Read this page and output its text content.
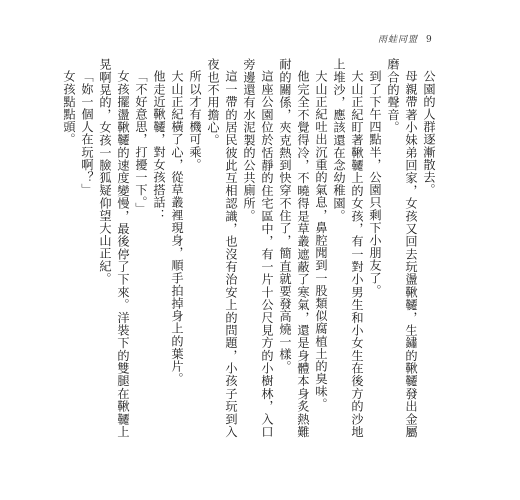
雨蛙同盟 9

公園的人群逐漸散去。

母親帶著小妹弟回家，女孩又回去玩盪鞦韆，生鏽的鞦韆發出金屬磨合的聲音。

到了下午四點半，公園只剩下小朋友了。

大山正紀盯著鞦韆上的女孩，有一對小男生和小女生在後方的沙地上堆沙，應該還在念幼稚園。

大山正紀吐出沉重的氣息，鼻腔聞到一股類似腐植土的臭味。

他完全不覺得冷，不曉得是草叢遮蔽了寒氣，還是身體本身炙熱難耐的關係，夾克熱到快穿不住了，簡直就要發高燒一樣。

這座公園位於恬靜的住宅區中，有一片十公尺見方的小樹林，入口旁邊還有水泥製的公共廁所。

這一帶的居民彼此互相認識，也沒有治安上的問題，小孩子玩到入夜也不用擔心。

所以才有機可乘。

大山正紀橫了心，從草叢裡現身，順手拍掉身上的葉片。

他走近鞦韆，對女孩搭話：

「不好意思，打擾一下。」

女孩擺盪鞦韆的速度變慢，最後停了下來。洋裝下的雙腿在鞦韆上晃啊晃的，女孩一臉狐疑仰望大山正紀。

「妳一個人在玩啊？」

女孩點點頭。
